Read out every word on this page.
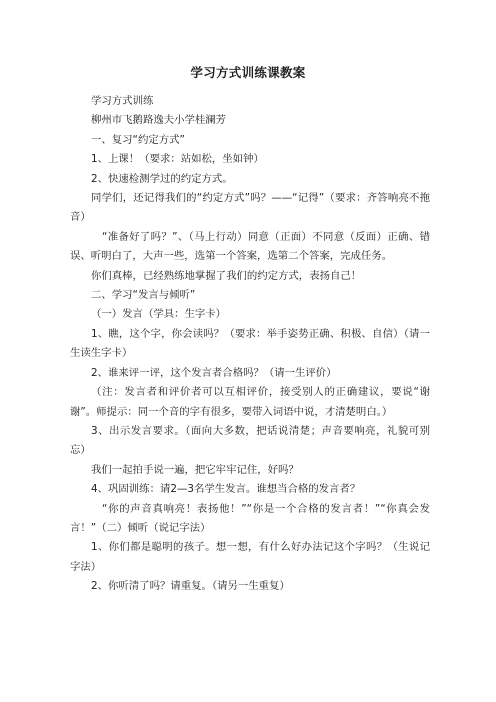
学习方式训练课教案

学习方式训练

柳州市飞鹅路逸夫小学桂澜芳

一、复习“约定方式”

1、上课！（要求：站如松，坐如钟）

2、快速检测学过的约定方式。

同学们，还记得我们的“约定方式”吗？——“记得”（要求：齐答响亮不拖音）

“准备好了吗？”、（马上行动）同意（正面）不同意（反面）正确、错误、听明白了，大声一些，选第一个答案，选第二个答案，完成任务。

你们真棒，已经熟练地掌握了我们的约定方式，表扬自己！

二、学习“发言与倾听”

（一）发言（学具：生字卡）

1、瞧，这个字，你会读吗？（要求：举手姿势正确、积极、自信）（请一生读生字卡）

2、谁来评一评，这个发言者合格吗？（请一生评价）

（注：发言者和评价者可以互相评价，接受别人的正确建议，要说“谢谢”。师提示：同一个音的字有很多，要带入词语中说，才清楚明白。）

3、出示发言要求。（面向大多数，把话说清楚；声音要响亮，礼貌可别忘）

我们一起拍手说一遍，把它牢牢记住，好吗？

4、巩固训练：请2—3名学生发言。谁想当合格的发言者？

“你的声音真响亮！表扬他！”“你是一个合格的发言者！”“你真会发言！”（二）倾听（说记字法）

1、你们都是聪明的孩子。想一想，有什么好办法记这个字吗？（生说记字法）

2、你听清了吗？请重复。（请另一生重复）
